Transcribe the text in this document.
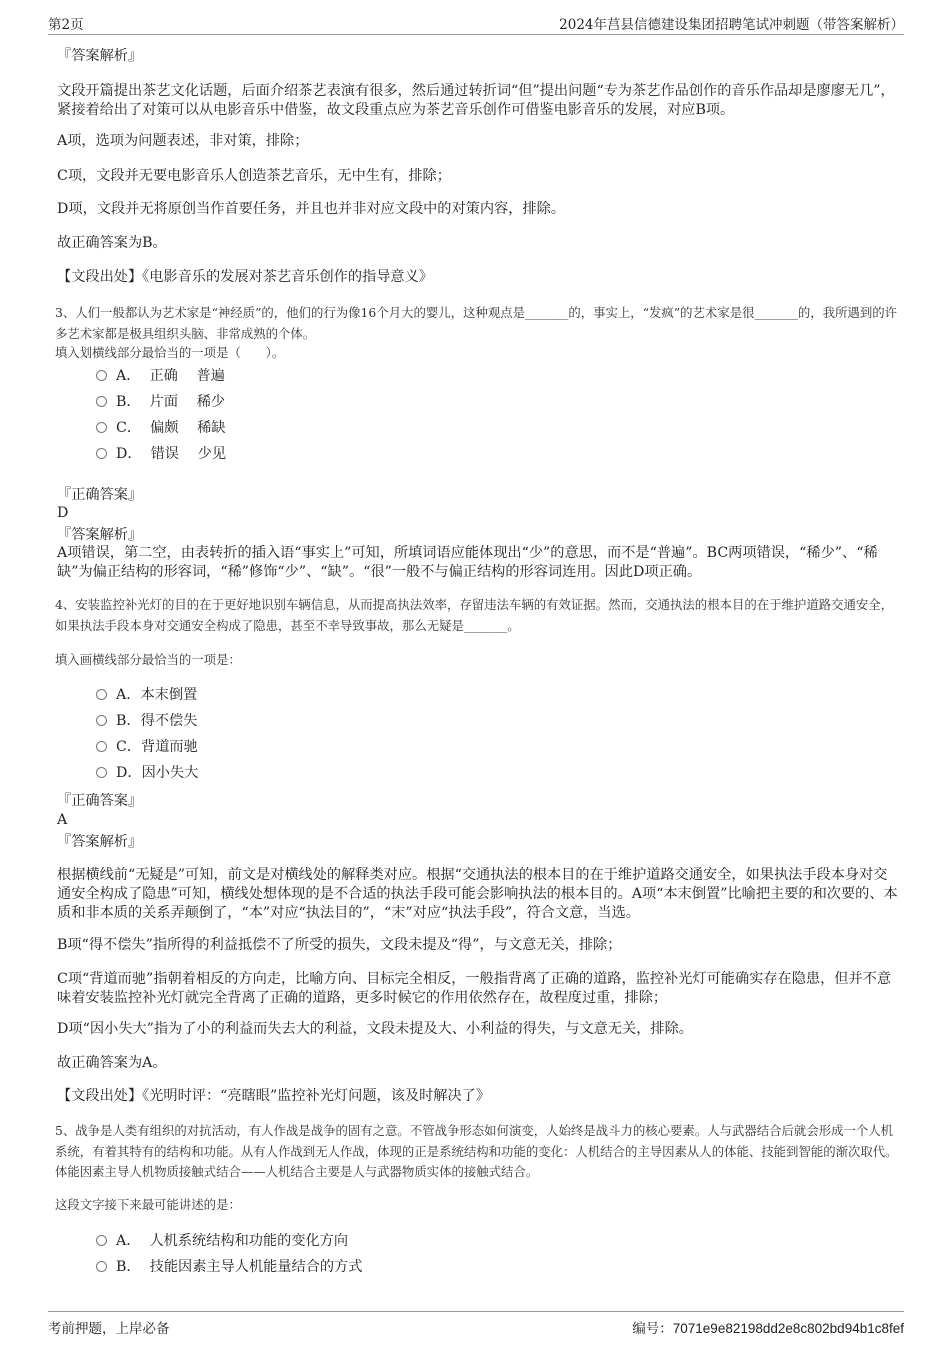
第2页	2024年莒县信德建设集团招聘笔试冲刺题（带答案解析）

『答案解析』

文段开篇提出茶艺文化话题，后面介绍茶艺表演有很多，然后通过转折词“但”提出问题“专为茶艺作品创作的音乐作品却是廖廖无几”，紧接着给出了对策可以从电影音乐中借鉴，故文段重点应为茶艺音乐创作可借鉴电影音乐的发展，对应B项。

A项，选项为问题表述，非对策，排除；

C项，文段并无要电影音乐人创造茶艺音乐，无中生有，排除；

D项，文段并无将原创当作首要任务，并且也并非对应文段中的对策内容，排除。

故正确答案为B。

【文段出处】《电影音乐的发展对茶艺音乐创作的指导意义》

3、人们一般都认为艺术家是“神经质”的，他们的行为像16个月大的婴儿，这种观点是_______的，事实上，“发疯”的艺术家是很_______的，我所遇到的许多艺术家都是极具组织头脑、非常成熟的个体。

填入划横线部分最恰当的一项是（　　）。

A． 正确　 普遍
B． 片面　 稀少
C． 偏颇　 稀缺
D． 错误　 少见

『正确答案』

D

『答案解析』

A项错误，第二空，由表转折的插入语“事实上”可知，所填词语应能体现出“少”的意思，而不是“普遍”。BC两项错误，“稀少”、“稀缺”为偏正结构的形容词，“稀”修饰“少”、“缺”。“很”一般不与偏正结构的形容词连用。因此D项正确。

4、安装监控补光灯的目的在于更好地识别车辆信息，从而提高执法效率，存留违法车辆的有效证据。然而，交通执法的根本目的在于维护道路交通安全，如果执法手段本身对交通安全构成了隐患，甚至不幸导致事故，那么无疑是_______。

填入画横线部分最恰当的一项是：

A．本末倒置
B．得不偿失
C．背道而驰
D．因小失大

『正确答案』

A

『答案解析』

根据横线前“无疑是”可知，前文是对横线处的解释类对应。根据“交通执法的根本目的在于维护道路交通安全，如果执法手段本身对交通安全构成了隐患”可知，横线处想体现的是不合适的执法手段可能会影响执法的根本目的。A项“本末倒置”比喻把主要的和次要的、本质和非本质的关系弄颠倒了，“本”对应“执法目的”，“末”对应“执法手段”，符合文意，当选。

B项“得不偿失”指所得的利益抵偿不了所受的损失，文段未提及“得”，与文意无关，排除；

C项“背道而驰”指朝着相反的方向走，比喻方向、目标完全相反，一般指背离了正确的道路，监控补光灯可能确实存在隐患，但并不意味着安装监控补光灯就完全背离了正确的道路，更多时候它的作用依然存在，故程度过重，排除；

D项“因小失大”指为了小的利益而失去大的利益，文段未提及大、小利益的得失，与文意无关，排除。

故正确答案为A。

【文段出处】《光明时评：“亮瞎眼”监控补光灯问题，该及时解决了》

5、战争是人类有组织的对抗活动，有人作战是战争的固有之意。不管战争形态如何演变，人始终是战斗力的核心要素。人与武器结合后就会形成一个人机系统，有着其特有的结构和功能。从有人作战到无人作战，体现的正是系统结构和功能的变化：人机结合的主导因素从人的体能、技能到智能的渐次取代。体能因素主导人机物质接触式结合——人机结合主要是人与武器物质实体的接触式结合。

这段文字接下来最可能讲述的是：

A． 人机系统结构和功能的变化方向
B． 技能因素主导人机能量结合的方式
考前押题，上岸必备	编号：7071e9e82198dd2e8c802bd94b1c8fef
